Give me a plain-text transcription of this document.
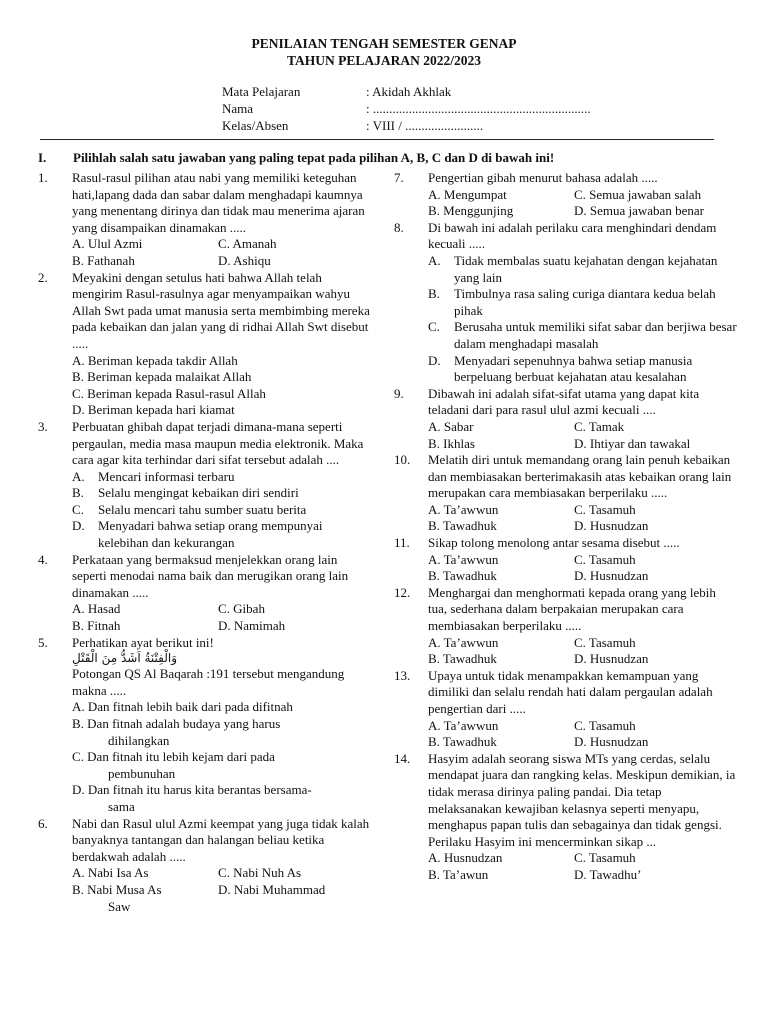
PENILAIAN TENGAH SEMESTER GENAP
TAHUN PELAJARAN 2022/2023
Mata Pelajaran	: Akidah Akhlak
Nama	: ...................................................................
Kelas/Absen	: VIII / ........................
I. Pilihlah salah satu jawaban yang paling tepat pada pilihan A, B, C dan D di bawah ini!
1. Rasul-rasul pilihan atau nabi yang memiliki keteguhan hati,lapang dada dan sabar dalam menghadapi kaumnya yang menentang dirinya dan tidak mau menerima ajaran yang disampaikan dinamakan .....
A. Ulul Azmi	C. Amanah
B. Fathanah	D. Ashiqu
2. Meyakini dengan setulus hati bahwa Allah telah mengirim Rasul-rasulnya agar menyampaikan wahyu Allah Swt pada umat manusia serta membimbing mereka pada kebaikan dan jalan yang di ridhai Allah Swt disebut .....
A. Beriman kepada takdir Allah
B. Beriman kepada malaikat Allah
C. Beriman kepada Rasul-rasul Allah
D. Beriman kepada hari kiamat
3. Perbuatan ghibah dapat terjadi dimana-mana seperti pergaulan, media masa maupun media elektronik. Maka cara agar kita terhindar dari sifat tersebut adalah ....
A. Mencari informasi terbaru
B. Selalu mengingat kebaikan diri sendiri
C. Selalu mencari tahu sumber suatu berita
D. Menyadari bahwa setiap orang mempunyai kelebihan dan kekurangan
4. Perkataan yang bermaksud menjelekkan orang lain seperti menodai nama baik dan merugikan orang lain dinamakan .....
A. Hasad	C. Gibah
B. Fitnah	D. Namimah
5. Perhatikan ayat berikut ini!
وَالْفِتْنَةُ اَشَدُّ مِنَ الْقَتْلِ
Potongan QS Al Baqarah :191 tersebut mengandung makna .....
A. Dan fitnah lebih baik dari pada difitnah
B. Dan fitnah adalah budaya yang harus
dihilangkan
C. Dan fitnah itu lebih kejam dari pada
pembunuhan
D. Dan fitnah itu harus kita berantas bersama-
sama
6. Nabi dan Rasul ulul Azmi keempat yang juga tidak kalah banyaknya tantangan dan halangan beliau ketika berdakwah adalah .....
A. Nabi Isa As	C. Nabi Nuh As
B. Nabi Musa As	D. Nabi Muhammad
Saw
7. Pengertian gibah menurut bahasa adalah .....
A. Mengumpat	C. Semua jawaban salah
B. Menggunjing	D. Semua jawaban benar
8. Di bawah ini adalah perilaku cara menghindari dendam kecuali .....
A. Tidak membalas suatu kejahatan dengan kejahatan yang lain
B. Timbulnya rasa saling curiga diantara kedua belah pihak
C. Berusaha untuk memiliki sifat sabar dan berjiwa besar dalam menghadapi masalah
D. Menyadari sepenuhnya bahwa setiap manusia berpeluang berbuat kejahatan atau kesalahan
9. Dibawah ini adalah sifat-sifat utama yang dapat kita teladani dari para rasul ulul azmi kecuali ....
A. Sabar	C. Tamak
B. Ikhlas	D. Ihtiyar dan tawakal
10. Melatih diri untuk memandang orang lain penuh kebaikan dan membiasakan berterimakasih atas kebaikan orang lain merupakan cara membiasakan berperilaku .....
A. Ta’awwun	C. Tasamuh
B. Tawadhuk	D. Husnudzan
11. Sikap tolong menolong antar sesama disebut .....
A. Ta’awwun	C. Tasamuh
B. Tawadhuk	D. Husnudzan
12. Menghargai dan menghormati kepada orang yang lebih tua, sederhana dalam berpakaian merupakan cara membiasakan berperilaku .....
A. Ta’awwun	C. Tasamuh
B. Tawadhuk	D. Husnudzan
13. Upaya untuk tidak menampakkan kemampuan yang dimiliki dan selalu rendah hati dalam pergaulan adalah pengertian dari .....
A. Ta’awwun	C. Tasamuh
B. Tawadhuk	D. Husnudzan
14. Hasyim adalah seorang siswa MTs yang cerdas, selalu mendapat juara dan rangking kelas. Meskipun demikian, ia tidak merasa dirinya paling pandai. Dia tetap melaksanakan kewajiban kelasnya seperti menyapu, menghapus papan tulis dan sebagainya dan tidak gengsi. Perilaku Hasyim ini mencerminkan sikap ...
A. Husnudzan	C. Tasamuh
B. Ta’awun	D. Tawadhu’
